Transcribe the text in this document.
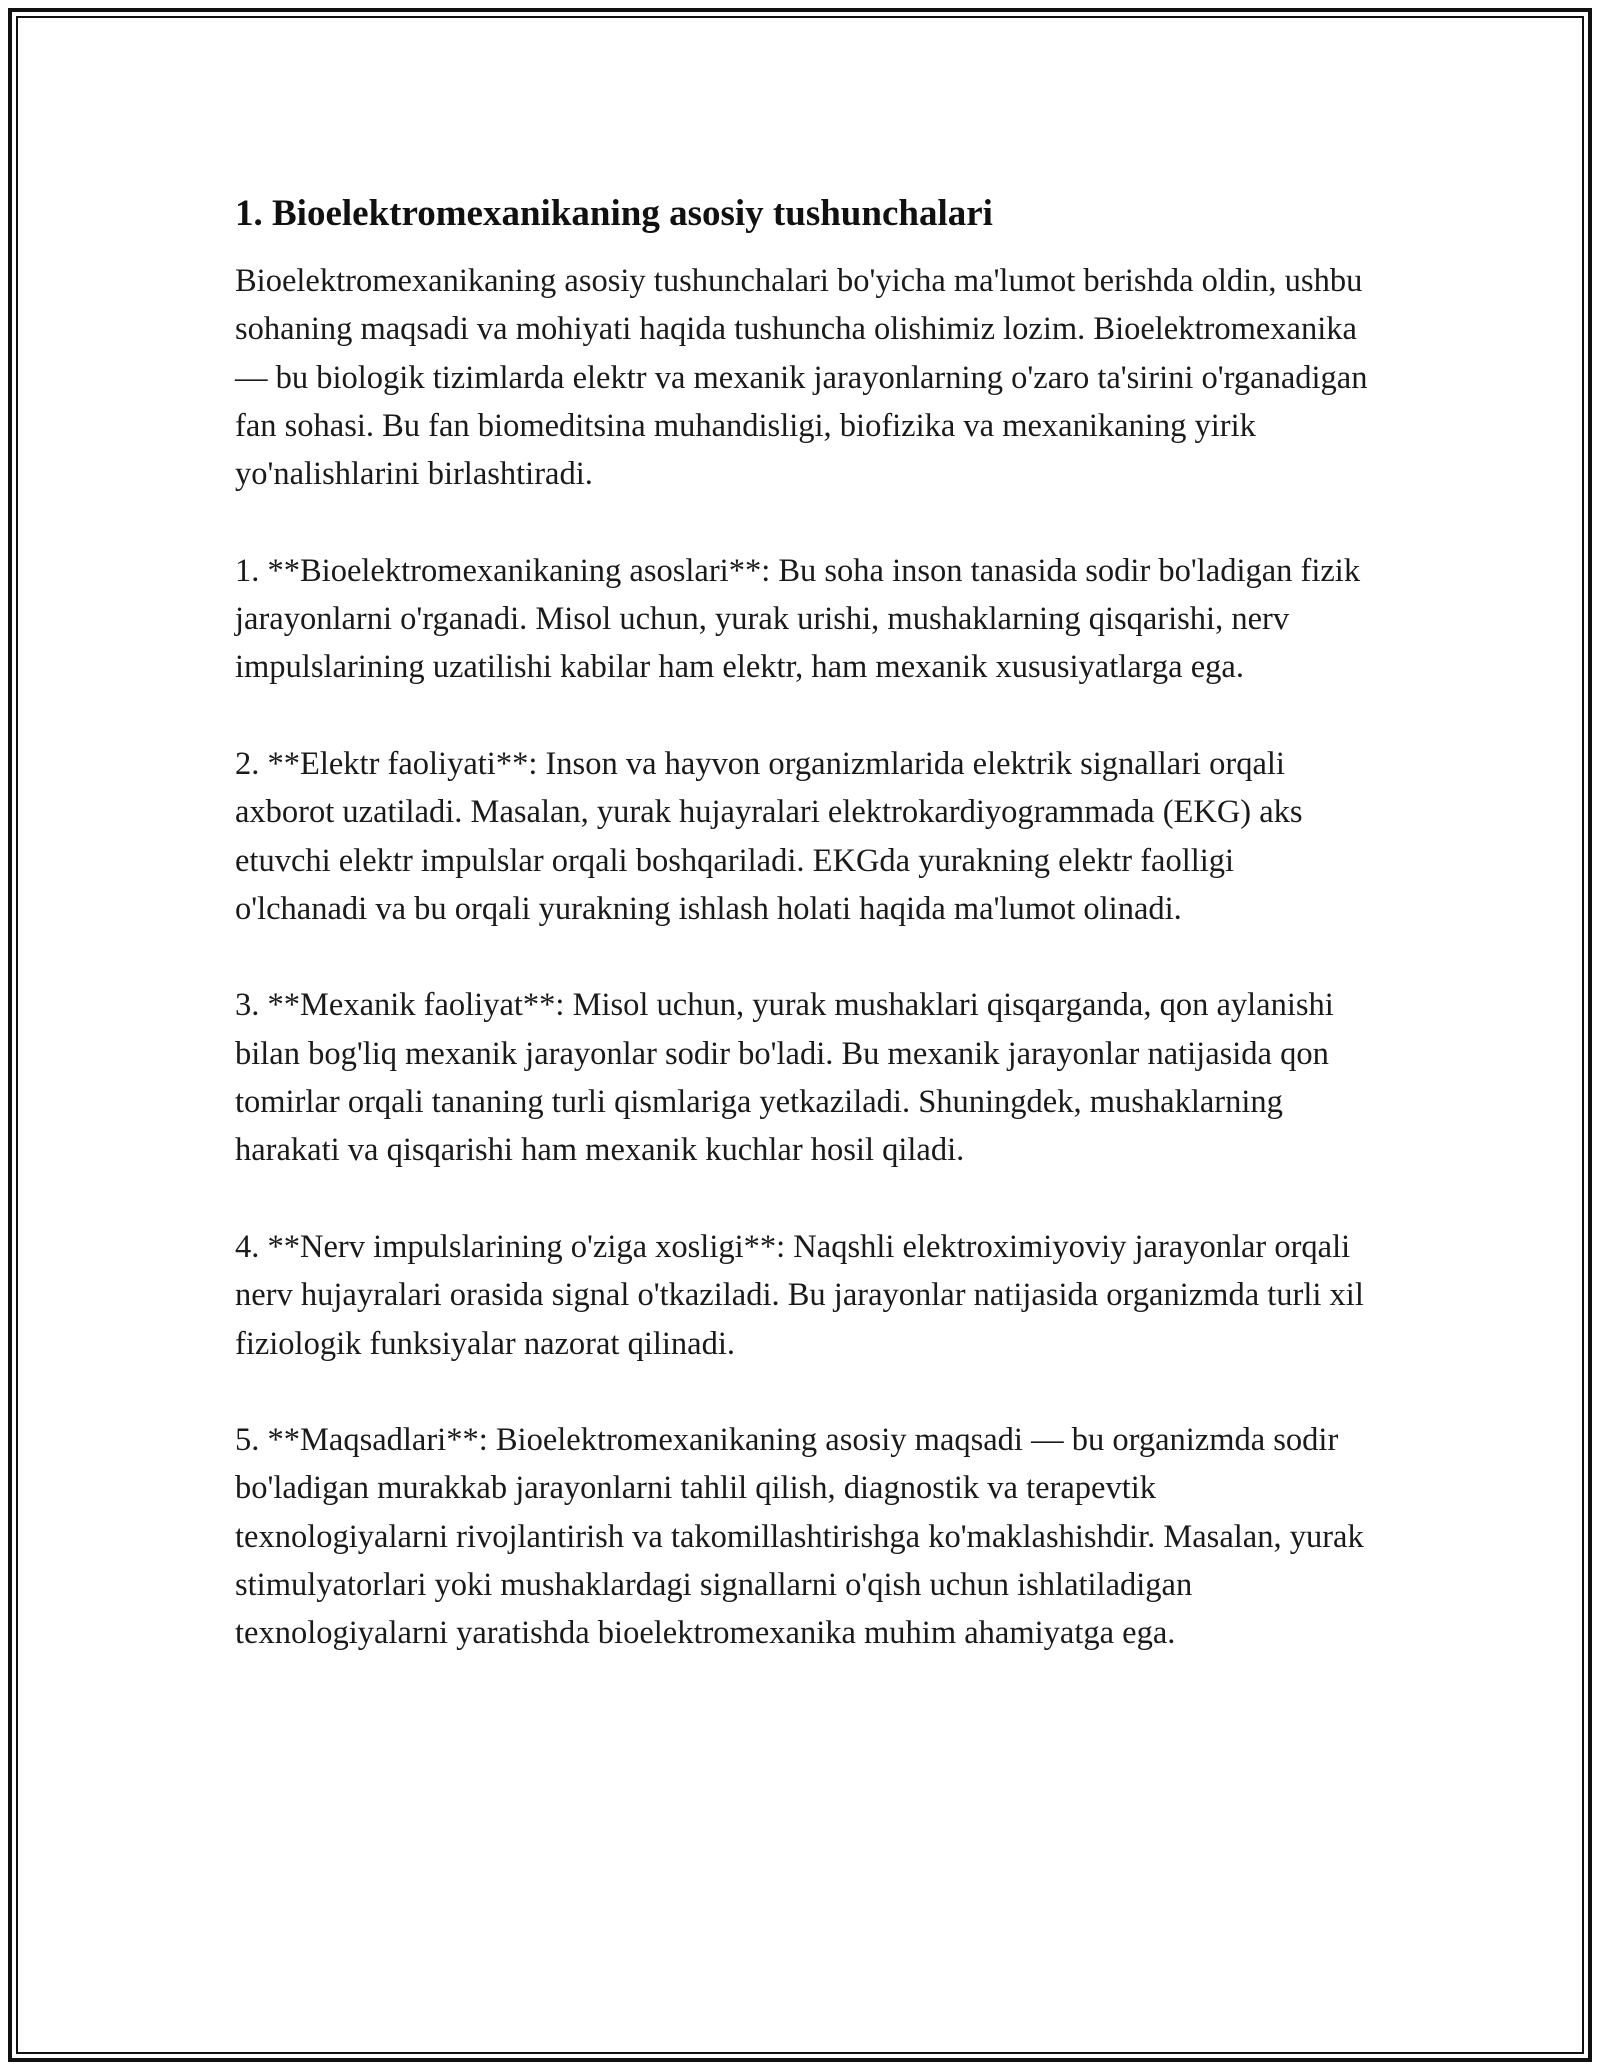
1. Bioelektromexanikaning asosiy tushunchalari

Bioelektromexanikaning asosiy tushunchalari bo'yicha ma'lumot berishda oldin, ushbu sohaning maqsadi va mohiyati haqida tushuncha olishimiz lozim. Bioelektromexanika — bu biologik tizimlarda elektr va mexanik jarayonlarning o'zaro ta'sirini o'rganadigan fan sohasi. Bu fan biomeditsina muhandisligi, biofizika va mexanikaning yirik yo'nalishlarini birlashtiradi.

1. **Bioelektromexanikaning asoslari**: Bu soha inson tanasida sodir bo'ladigan fizik jarayonlarni o'rganadi. Misol uchun, yurak urishi, mushaklarning qisqarishi, nerv impulslarining uzatilishi kabilar ham elektr, ham mexanik xususiyatlarga ega.

2. **Elektr faoliyati**: Inson va hayvon organizmlarida elektrik signallari orqali axborot uzatiladi. Masalan, yurak hujayralari elektrokardiyogrammada (EKG) aks etuvchi elektr impulslar orqali boshqariladi. EKGda yurakning elektr faolligi o'lchanadi va bu orqali yurakning ishlash holati haqida ma'lumot olinadi.

3. **Mexanik faoliyat**: Misol uchun, yurak mushaklari qisqarganda, qon aylanishi bilan bog'liq mexanik jarayonlar sodir bo'ladi. Bu mexanik jarayonlar natijasida qon tomirlar orqali tananing turli qismlariga yetkaziladi. Shuningdek, mushaklarning harakati va qisqarishi ham mexanik kuchlar hosil qiladi.

4. **Nerv impulslarining o'ziga xosligi**: Naqshli elektroximiyoviy jarayonlar orqali nerv hujayralari orasida signal o'tkaziladi. Bu jarayonlar natijasida organizmda turli xil fiziologik funksiyalar nazorat qilinadi.

5. **Maqsadlari**: Bioelektromexanikaning asosiy maqsadi — bu organizmda sodir bo'ladigan murakkab jarayonlarni tahlil qilish, diagnostik va terapevtik texnologiyalarni rivojlantirish va takomillashtirishga ko'maklashishdir. Masalan, yurak stimulyatorlari yoki mushaklardagi signallarni o'qish uchun ishlatiladigan texnologiyalarni yaratishda bioelektromexanika muhim ahamiyatga ega.
